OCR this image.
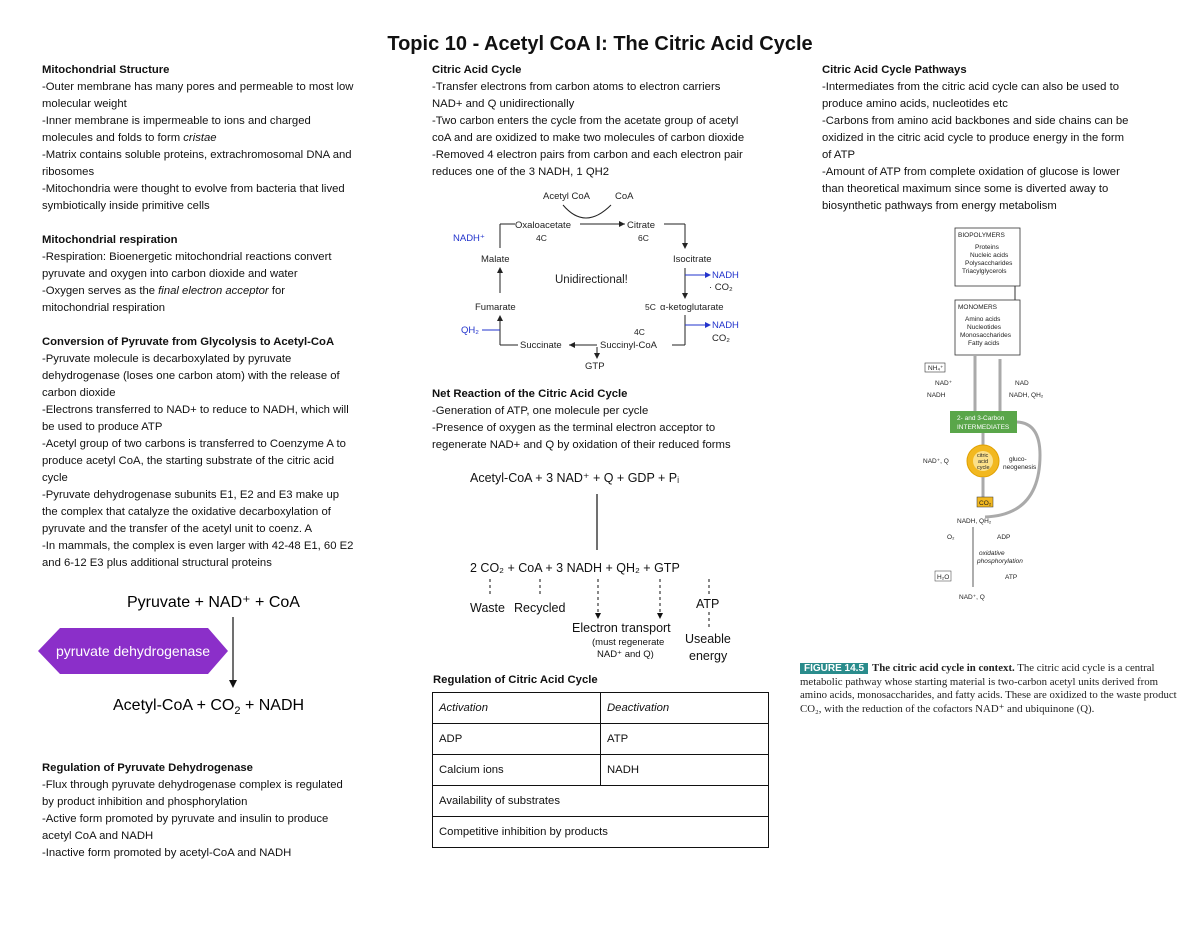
Topic 10 - Acetyl CoA I: The Citric Acid Cycle
Mitochondrial Structure

-Outer membrane has many pores and permeable to most low

molecular weight

-Inner membrane is impermeable to ions and charged

molecules and folds to form cristae

-Matrix contains soluble proteins, extrachromosomal DNA and

ribosomes

-Mitochondria were thought to evolve from bacteria that lived

symbiotically inside primitive cells

Mitochondrial respiration

-Respiration: Bioenergetic mitochondrial reactions convert

pyruvate and oxygen into carbon dioxide and water

-Oxygen serves as the final electron acceptor for

mitochondrial respiration

Conversion of Pyruvate from Glycolysis to Acetyl-CoA

-Pyruvate molecule is decarboxylated by pyruvate

dehydrogenase (loses one carbon atom) with the release of

carbon dioxide

-Electrons transferred to NAD+ to reduce to NADH, which will

be used to produce ATP

-Acetyl group of two carbons is transferred to Coenzyme A to

produce acetyl CoA, the starting substrate of the citric acid

cycle

-Pyruvate dehydrogenase subunits E1, E2 and E3 make up

the complex that catalyze the oxidative decarboxylation of

pyruvate and the transfer of the acetyl unit to coenz. A

-In mammals, the complex is even larger with 42-48 E1, 60 E2

and 6-12 E3 plus additional structural proteins

Pyruvate + NAD⁺ + CoA
pyruvate dehydrogenase
Acetyl-CoA + $CO_2$ + NADH
Regulation of Pyruvate Dehydrogenase

-Flux through pyruvate dehydrogenase complex is regulated

by product inhibition and phosphorylation

-Active form promoted by pyruvate and insulin to produce

acetyl CoA and NADH

-Inactive form promoted by acetyl-CoA and NADH

Citric Acid Cycle

-Transfer electrons from carbon atoms to electron carriers

NAD+ and Q unidirectionally

-Two carbon enters the cycle from the acetate group of acetyl

coA and are oxidized to make two molecules of carbon dioxide

-Removed 4 electron pairs from carbon and each electron pair

reduces one of the 3 NADH, 1 QH2

Acetyl CoA	CoA
Oxaloacetate
4C
Citrate
6C
NADH⁺
Malate	Isocitrate
Unidirectional!	NADH
· CO₂
Fumarate	5C α-ketoglutarate
NADH
CO₂
QH₂	4C
Succinate	Succinyl-CoA
GTP
Net Reaction of the Citric Acid Cycle

-Generation of ATP, one molecule per cycle

-Presence of oxygen as the terminal electron acceptor to

regenerate NAD+ and Q by oxidation of their reduced forms

Acetyl-CoA + 3 NAD⁺ + Q + GDP + Pᵢ
2 CO₂ + CoA + 3 NADH + QH₂ + GTP
Waste Recycled	ATP
Electron transport
(must regenerate
NAD⁺ and Q)
Useable
energy
Regulation of Citric Acid Cycle
Activation	Deactivation
ADP	ATP
Calcium ions	NADH
Availability of substrates	
Competitive inhibition by products	
Citric Acid Cycle Pathways

-Intermediates from the citric acid cycle can also be used to

produce amino acids, nucleotides etc

-Carbons from amino acid backbones and side chains can be

oxidized in the citric acid cycle to produce energy in the form

of ATP

-Amount of ATP from complete oxidation of glucose is lower

than theoretical maximum since some is diverted away to

biosynthetic pathways from energy metabolism

BIOPOLYMERS
Proteins
Nucleic acids
Polysaccharides
Triacylglycerols
MONOMERS
Amino acids
Nucleotides
Monosaccharides
Fatty acids
NH₄⁺
NAD⁺
NADH
NAD
NADH, QH₂
2- and 3-Carbon
INTERMEDIATES
citric
acid
cycle
NAD⁺, Q	gluco-
neogenesis
CO₂
NADH, QH₂
O₂	ADP
oxidative
phosphorylation
H₂O	ATP
NAD⁺, Q
FIGURE 14.5 The citric acid cycle in context. The citric acid cycle is a central metabolic pathway whose starting material is two-carbon acetyl units derived from amino acids, monosaccharides, and fatty acids. These are oxidized to the waste product CO₂, with the reduction of the cofactors NAD⁺ and ubiquinone (Q).
